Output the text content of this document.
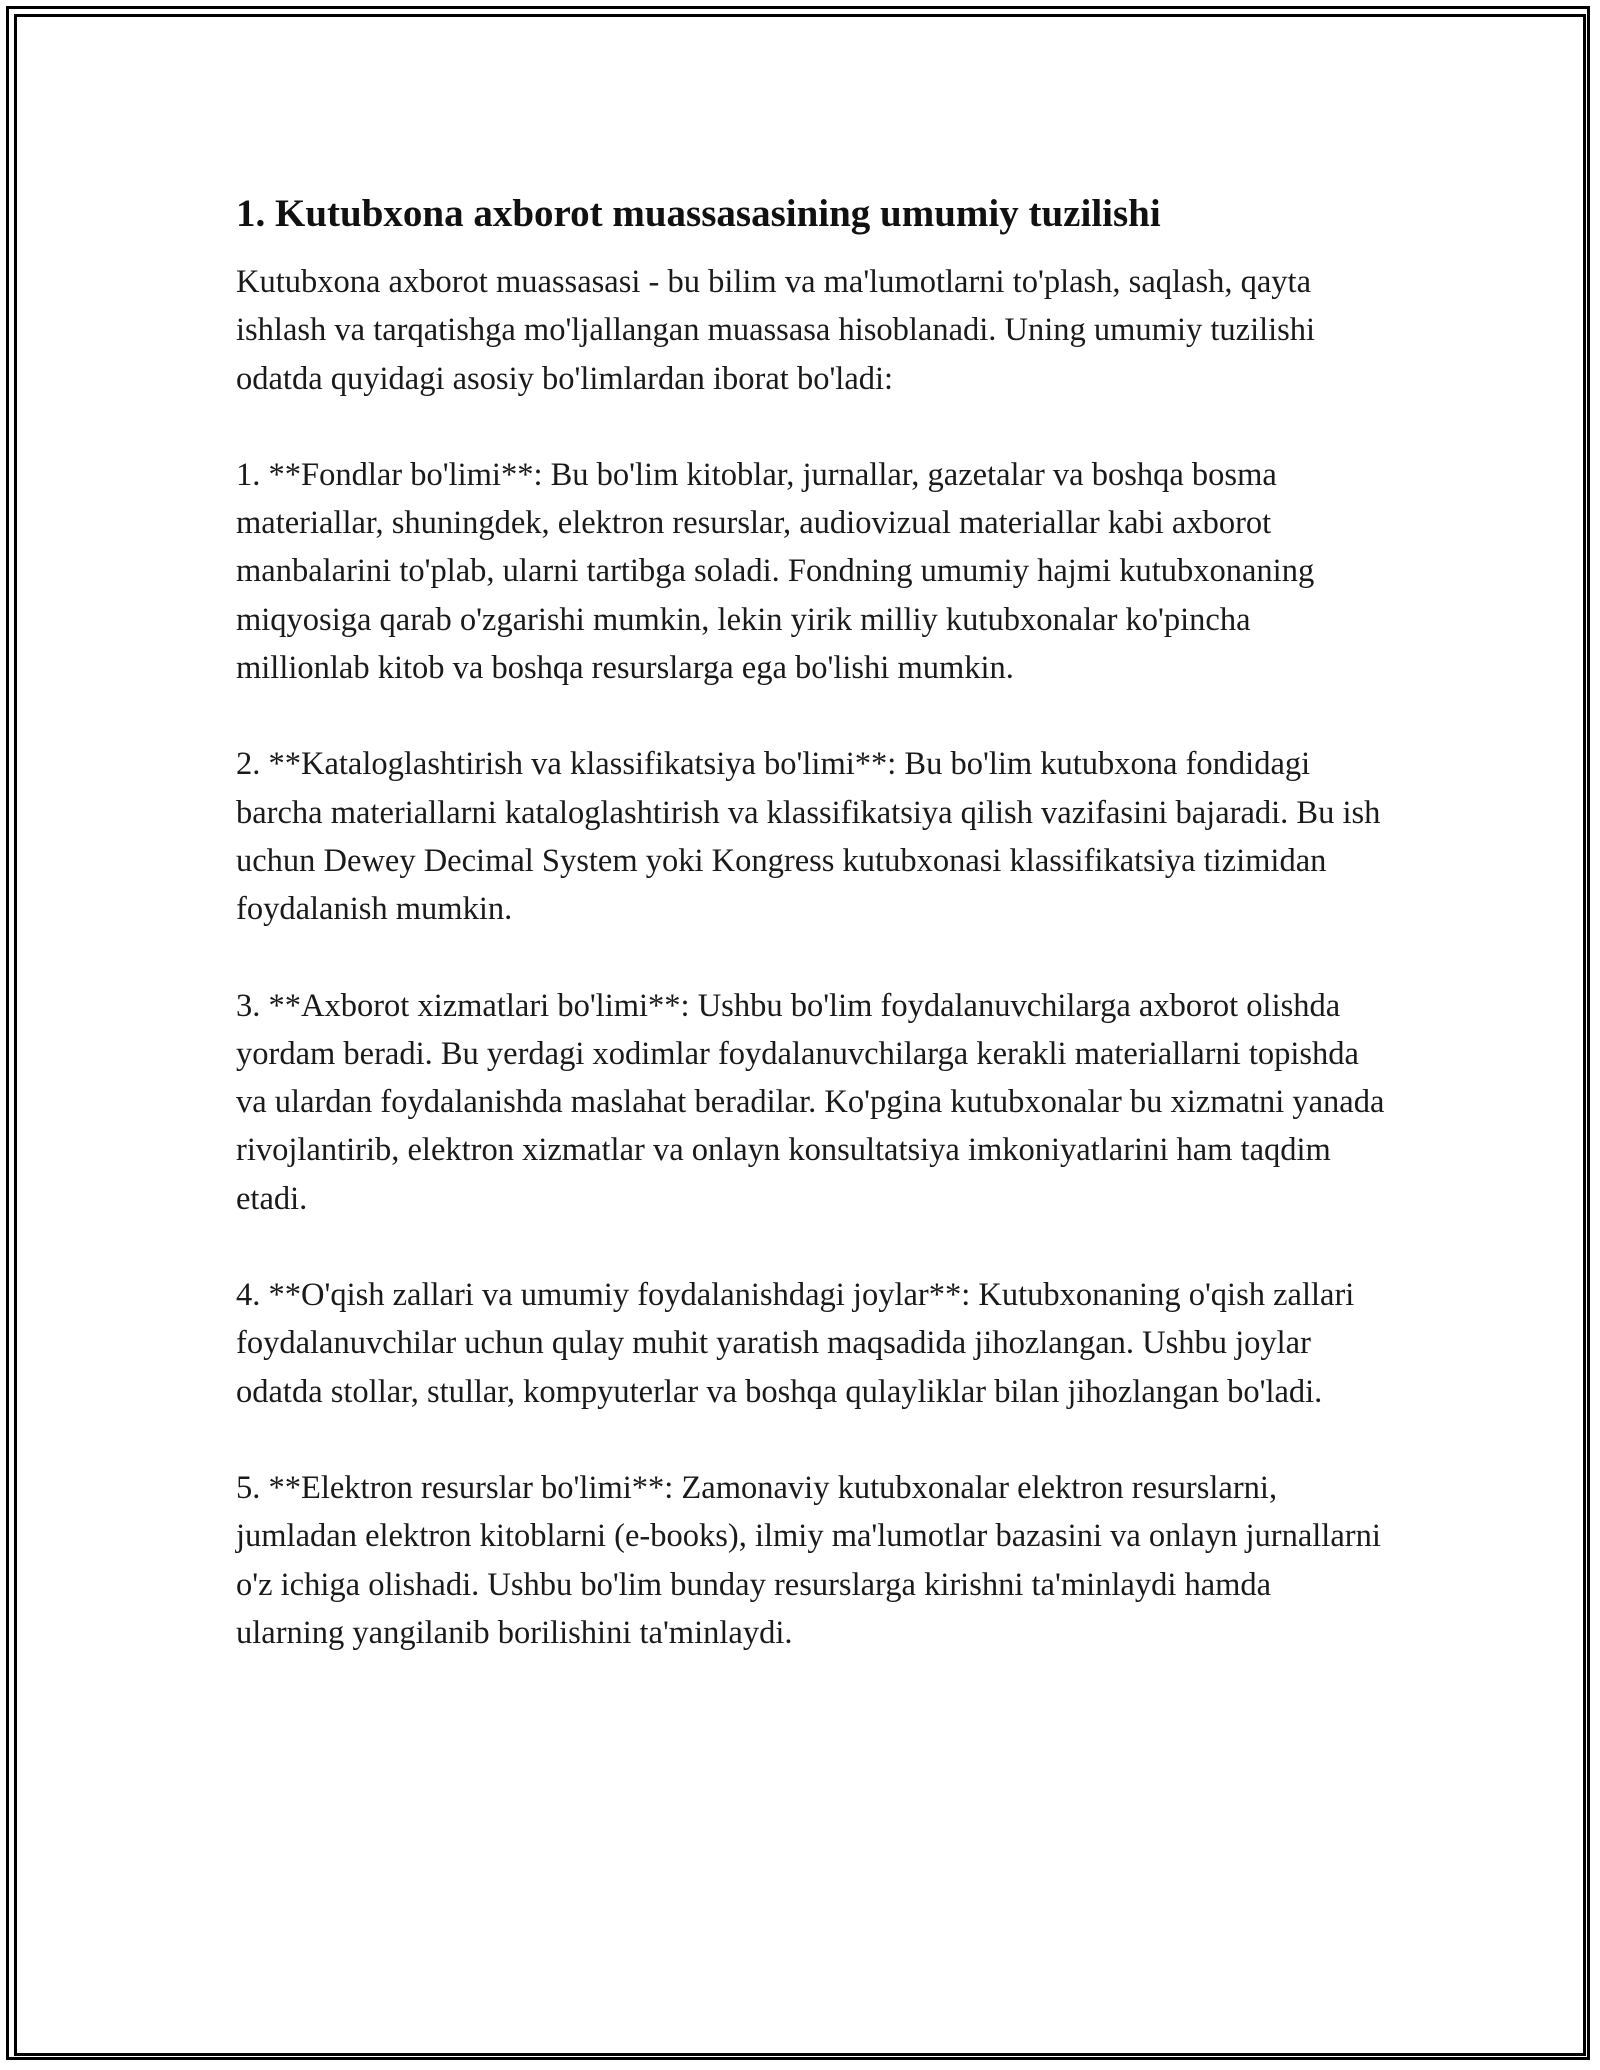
1. Kutubxona axborot muassasasining umumiy tuzilishi

Kutubxona axborot muassasasi - bu bilim va ma'lumotlarni to'plash, saqlash, qayta ishlash va tarqatishga mo'ljallangan muassasa hisoblanadi. Uning umumiy tuzilishi odatda quyidagi asosiy bo'limlardan iborat bo'ladi:

1. **Fondlar bo'limi**: Bu bo'lim kitoblar, jurnallar, gazetalar va boshqa bosma materiallar, shuningdek, elektron resurslar, audiovizual materiallar kabi axborot manbalarini to'plab, ularni tartibga soladi. Fondning umumiy hajmi kutubxonaning miqyosiga qarab o'zgarishi mumkin, lekin yirik milliy kutubxonalar ko'pincha millionlab kitob va boshqa resurslarga ega bo'lishi mumkin.

2. **Kataloglashtirish va klassifikatsiya bo'limi**: Bu bo'lim kutubxona fondidagi barcha materiallarni kataloglashtirish va klassifikatsiya qilish vazifasini bajaradi. Bu ish uchun Dewey Decimal System yoki Kongress kutubxonasi klassifikatsiya tizimidan foydalanish mumkin.

3. **Axborot xizmatlari bo'limi**: Ushbu bo'lim foydalanuvchilarga axborot olishda yordam beradi. Bu yerdagi xodimlar foydalanuvchilarga kerakli materiallarni topishda va ulardan foydalanishda maslahat beradilar. Ko'pgina kutubxonalar bu xizmatni yanada rivojlantirib, elektron xizmatlar va onlayn konsultatsiya imkoniyatlarini ham taqdim etadi.

4. **O'qish zallari va umumiy foydalanishdagi joylar**: Kutubxonaning o'qish zallari foydalanuvchilar uchun qulay muhit yaratish maqsadida jihozlangan. Ushbu joylar odatda stollar, stullar, kompyuterlar va boshqa qulayliklar bilan jihozlangan bo'ladi.

5. **Elektron resurslar bo'limi**: Zamonaviy kutubxonalar elektron resurslarni, jumladan elektron kitoblarni (e-books), ilmiy ma'lumotlar bazasini va onlayn jurnallarni o'z ichiga olishadi. Ushbu bo'lim bunday resurslarga kirishni ta'minlaydi hamda ularning yangilanib borilishini ta'minlaydi.
